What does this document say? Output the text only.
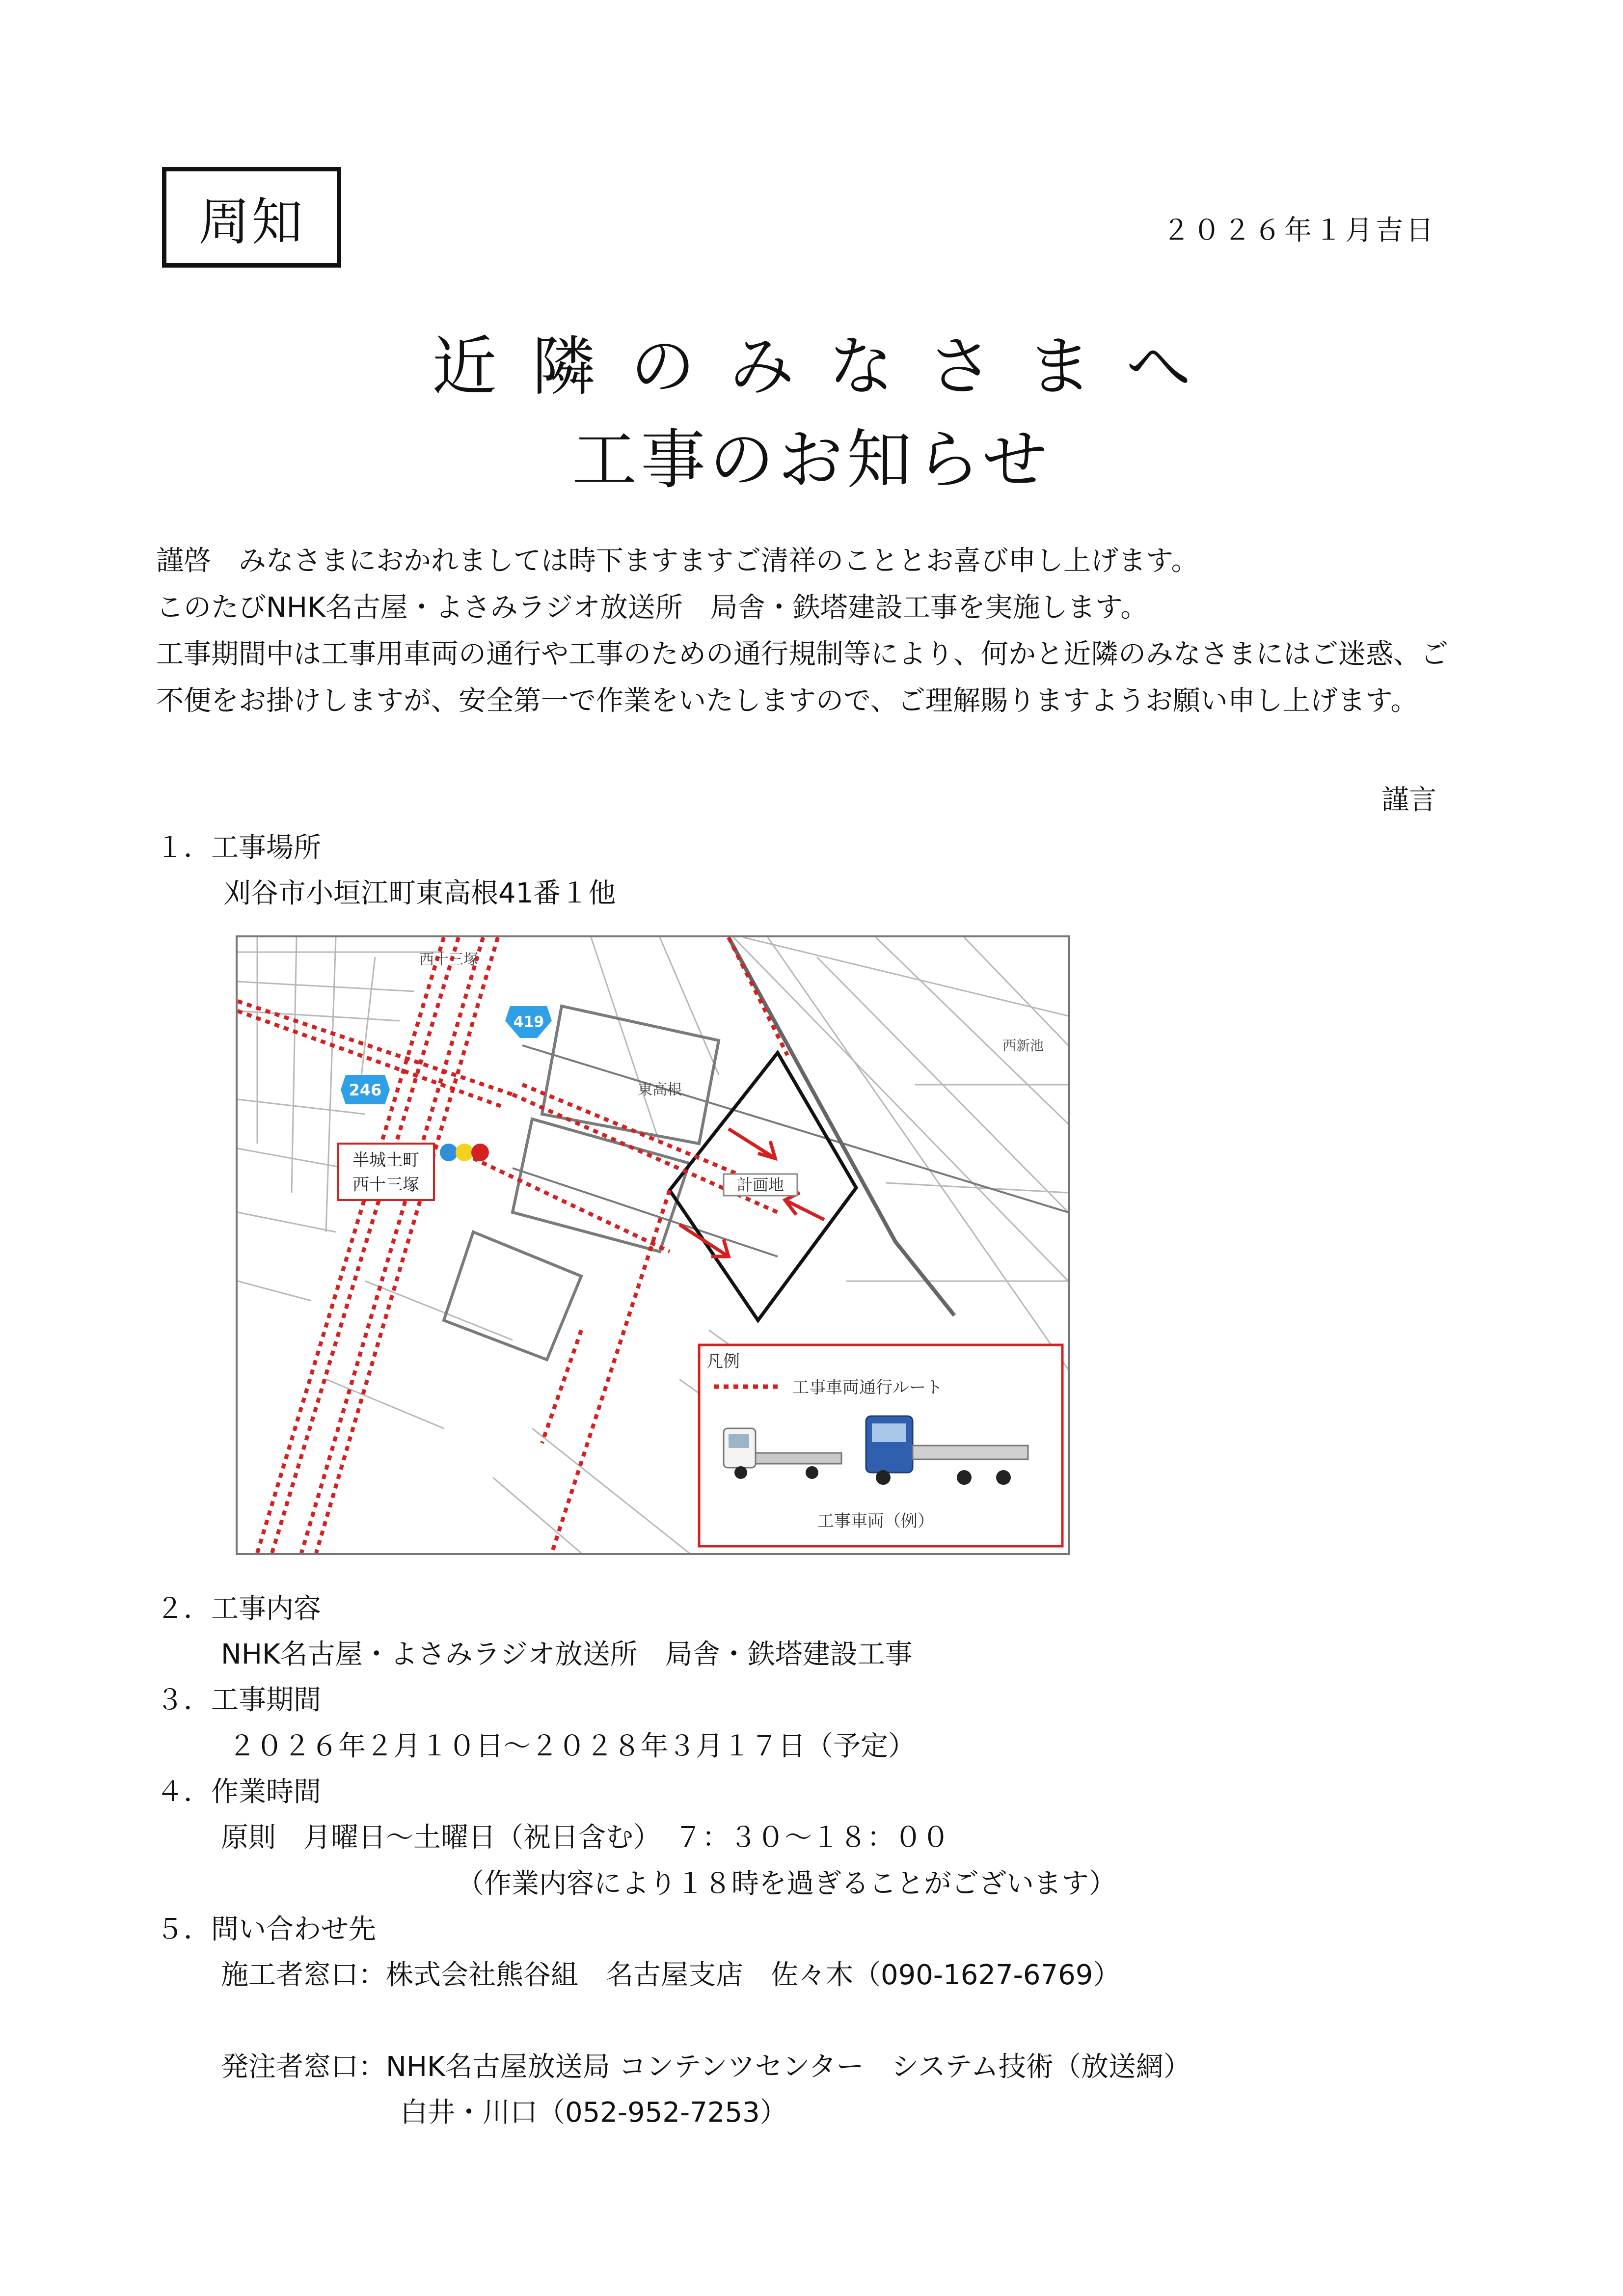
周知	２０２６年１月吉日
近隣のみなさまへ
工事のお知らせ
謹啓　みなさまにおかれましては時下ますますご清祥のこととお喜び申し上げます。
このたびNHK名古屋・よさみラジオ放送所　局舎・鉄塔建設工事を実施します。
工事期間中は工事用車両の通行や工事のための通行規制等により、何かと近隣のみなさまにはご迷惑、ご不便をお掛けしますが、安全第一で作業をいたしますので、ご理解賜りますようお願い申し上げます。
謹言
１．工事場所
刈谷市小垣江町東高根41番１他
計画地
西十三塚
東高根
西新池
246
419
半城土町
西十三塚
凡例
工事車両通行ルート
工事車両（例）
２．工事内容
NHK名古屋・よさみラジオ放送所　局舎・鉄塔建設工事
３．工事期間
２０２６年２月１０日～２０２８年３月１７日（予定）
４．作業時間
原則　月曜日～土曜日（祝日含む）　７：３０～１８：００
（作業内容により１８時を過ぎることがございます）
５．問い合わせ先
施工者窓口：株式会社熊谷組　名古屋支店　佐々木（090-1627-6769）
発注者窓口：NHK名古屋放送局 コンテンツセンター　システム技術（放送網）
白井・川口（052-952-7253）
